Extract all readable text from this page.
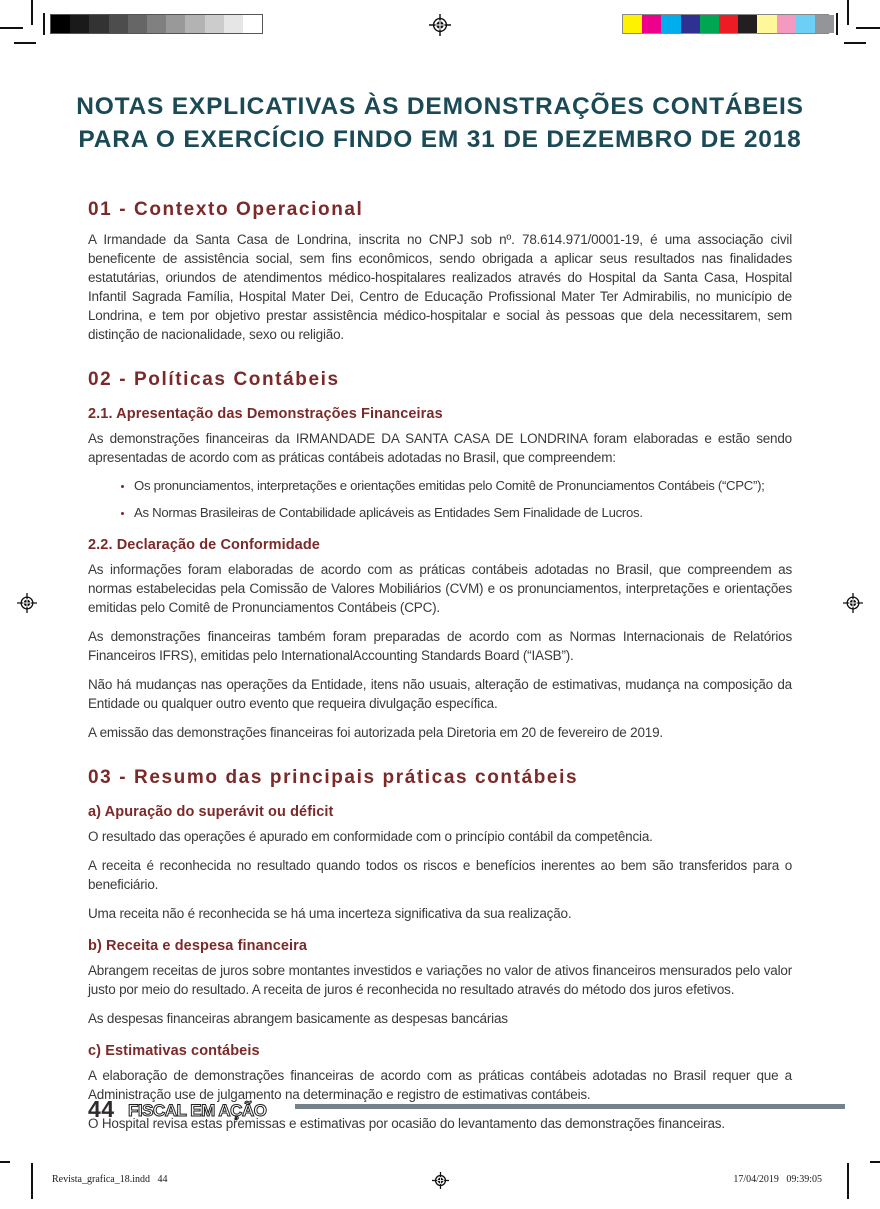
NOTAS EXPLICATIVAS ÀS DEMONSTRAÇÕES CONTÁBEIS
PARA O EXERCÍCIO FINDO EM 31 DE DEZEMBRO DE 2018
01 - Contexto Operacional

A Irmandade da Santa Casa de Londrina, inscrita no CNPJ sob nº. 78.614.971/0001-19, é uma associação civil beneficente de assistência social, sem fins econômicos, sendo obrigada a aplicar seus resultados nas finalidades estatutárias, oriundos de atendimentos médico-hospitalares realizados através do Hospital da Santa Casa, Hospital Infantil Sagrada Família, Hospital Mater Dei, Centro de Educação Profissional Mater Ter Admirabilis, no município de Londrina, e tem por objetivo prestar assistência médico-hospitalar e social às pessoas que dela necessitarem, sem distinção de nacionalidade, sexo ou religião.

02 - Políticas Contábeis
2.1. Apresentação das Demonstrações Financeiras

As demonstrações financeiras da IRMANDADE DA SANTA CASA DE LONDRINA foram elaboradas e estão sendo apresentadas de acordo com as práticas contábeis adotadas no Brasil, que compreendem:

• Os pronunciamentos, interpretações e orientações emitidas pelo Comitê de Pronunciamentos Contábeis (“CPC”);
• As Normas Brasileiras de Contabilidade aplicáveis as Entidades Sem Finalidade de Lucros.
2.2. Declaração de Conformidade

As informações foram elaboradas de acordo com as práticas contábeis adotadas no Brasil, que compreendem as normas estabelecidas pela Comissão de Valores Mobiliários (CVM) e os pronunciamentos, interpretações e orientações emitidas pelo Comitê de Pronunciamentos Contábeis (CPC).

As demonstrações financeiras também foram preparadas de acordo com as Normas Internacionais de Relatórios Financeiros IFRS), emitidas pelo InternationalAccounting Standards Board (“IASB”).

Não há mudanças nas operações da Entidade, itens não usuais, alteração de estimativas, mudança na composição da Entidade ou qualquer outro evento que requeira divulgação específica.

A emissão das demonstrações financeiras foi autorizada pela Diretoria em 20 de fevereiro de 2019.

03 - Resumo das principais práticas contábeis
a) Apuração do superávit ou déficit

O resultado das operações é apurado em conformidade com o princípio contábil da competência.

A receita é reconhecida no resultado quando todos os riscos e benefícios inerentes ao bem são transferidos para o beneficiário.

Uma receita não é reconhecida se há uma incerteza significativa da sua realização.

b) Receita e despesa financeira

Abrangem receitas de juros sobre montantes investidos e variações no valor de ativos financeiros mensurados pelo valor justo por meio do resultado. A receita de juros é reconhecida no resultado através do método dos juros efetivos.

As despesas financeiras abrangem basicamente as despesas bancárias

c) Estimativas contábeis

A elaboração de demonstrações financeiras de acordo com as práticas contábeis adotadas no Brasil requer que a Administração use de julgamento na determinação e registro de estimativas contábeis.

O Hospital revisa estas premissas e estimativas por ocasião do levantamento das demonstrações financeiras.

44 FISCAL EM AÇÃO
Revista_grafica_18.indd   44	17/04/2019   09:39:05
